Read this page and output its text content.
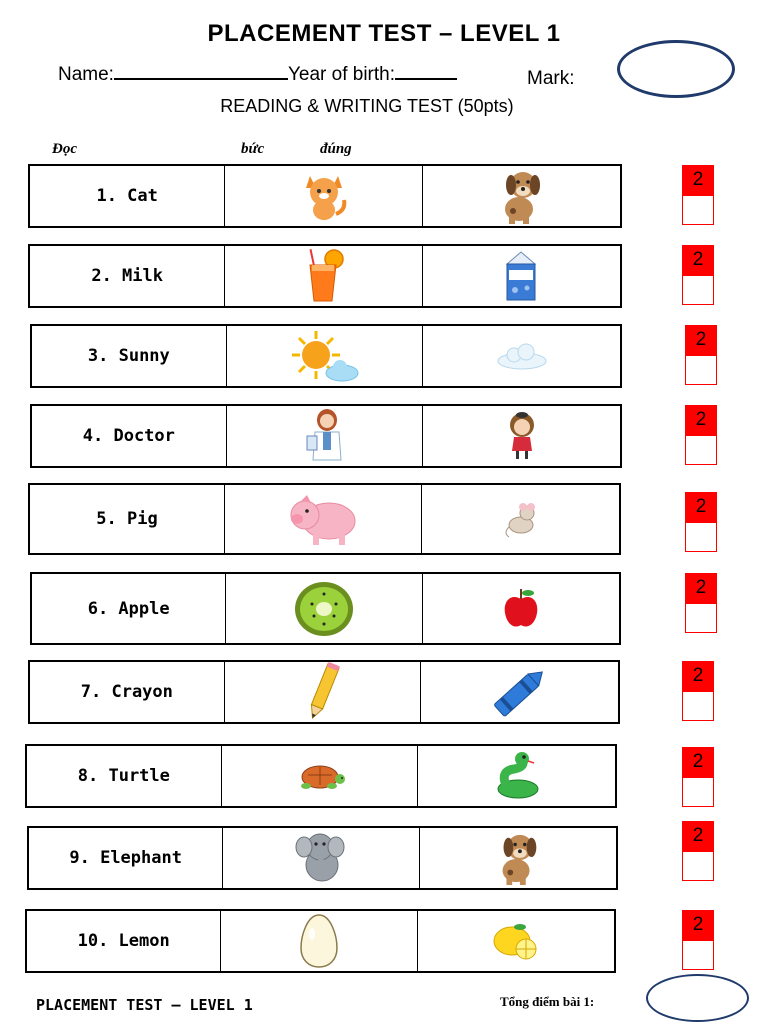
PLACEMENT TEST – LEVEL 1
Name:	Year of birth:	Mark:
READING & WRITING TEST (50pts)
Đọc	bức	đúng
1. Cat
2
2. Milk
2
3. Sunny
2
4. Doctor
2
5. Pig
2
6. Apple
2
7. Crayon
2
8. Turtle
2
9. Elephant
2
10. Lemon
2
PLACEMENT TEST – LEVEL 1	Tổng điểm bài 1:
